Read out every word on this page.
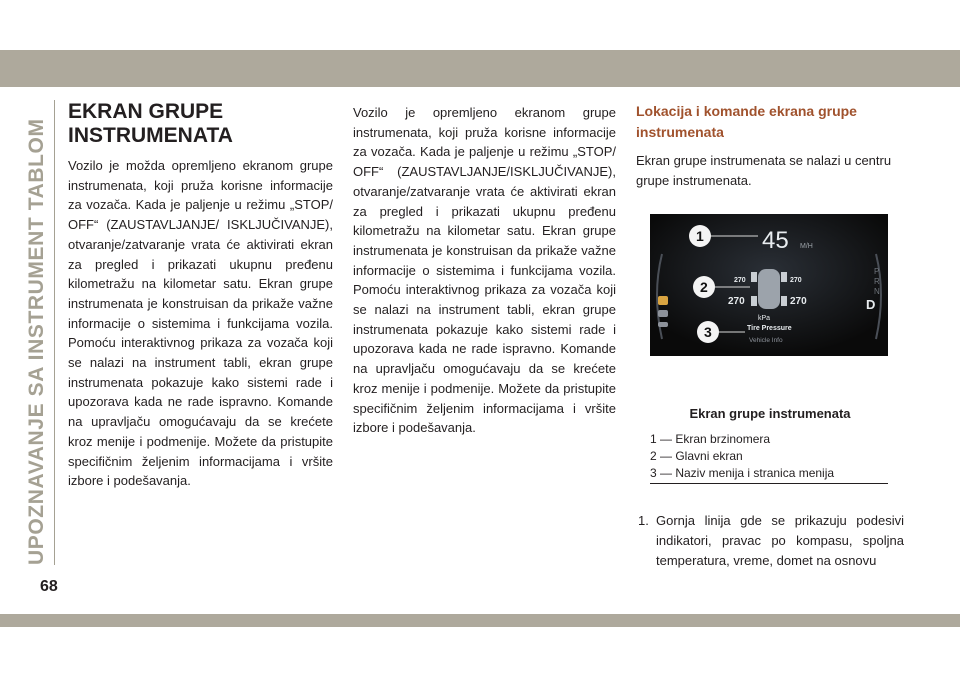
UPOZNAVANJE SA INSTRUMENT TABLOM
68
EKRAN GRUPE
INSTRUMENATA

Vozilo je možda opremljeno ekranom grupe instrumenata, koji pruža korisne informacije za vozača. Kada je paljenje u režimu „STOP/ OFF“ (ZAUSTAVLJANJE/ ISKLJUČIVANJE), otvaranje/zatvaranje vrata će aktivirati ekran za pregled i prikazati ukupnu pređenu kilometražu na kilometar satu. Ekran grupe instrumenata je konstruisan da prikaže važne informacije o sistemima i funkcijama vozila. Pomoću interaktivnog prikaza za vozača koji se nalazi na instrument tabli, ekran grupe instrumenata pokazuje kako sistemi rade i upozorava kada ne rade ispravno. Komande na upravljaču omogućavaju da se krećete kroz menije i podmenije. Možete da pristupite specifičnim željenim informacijama i vršite izbore i podešavanja.

Vozilo je opremljeno ekranom grupe instrumenata, koji pruža korisne informacije za vozača. Kada je paljenje u režimu „STOP/ OFF“ (ZAUSTAVLJANJE/ISKLJUČIVANJE), otvaranje/zatvaranje vrata će aktivirati ekran za pregled i prikazati ukupnu pređenu kilometražu na kilometar satu. Ekran grupe instrumenata je konstruisan da prikaže važne informacije o sistemima i funkcijama vozila. Pomoću interaktivnog prikaza za vozača koji se nalazi na instrument tabli, ekran grupe instrumenata pokazuje kako sistemi rade i upozorava kada ne rade ispravno. Komande na upravljaču omogućavaju da se krećete kroz menije i podmenije. Možete da pristupite specifičnim željenim informacijama i vršite izbore i podešavanja.

Lokacija i komande ekrana grupe instrumenata

Ekran grupe instrumenata se nalazi u centru grupe instrumenata.

45 M/H
270	270
270	270
kPa
Tire Pressure
Vehicle Info
P
R
N
D
1
2
3
Ekran grupe instrumenata
1 — Ekran brzinomera
2 — Glavni ekran
3 — Naziv menija i stranica menija
1. Gornja linija gde se prikazuju podesivi indikatori, pravac po kompasu, spoljna temperatura, vreme, domet na osnovu
